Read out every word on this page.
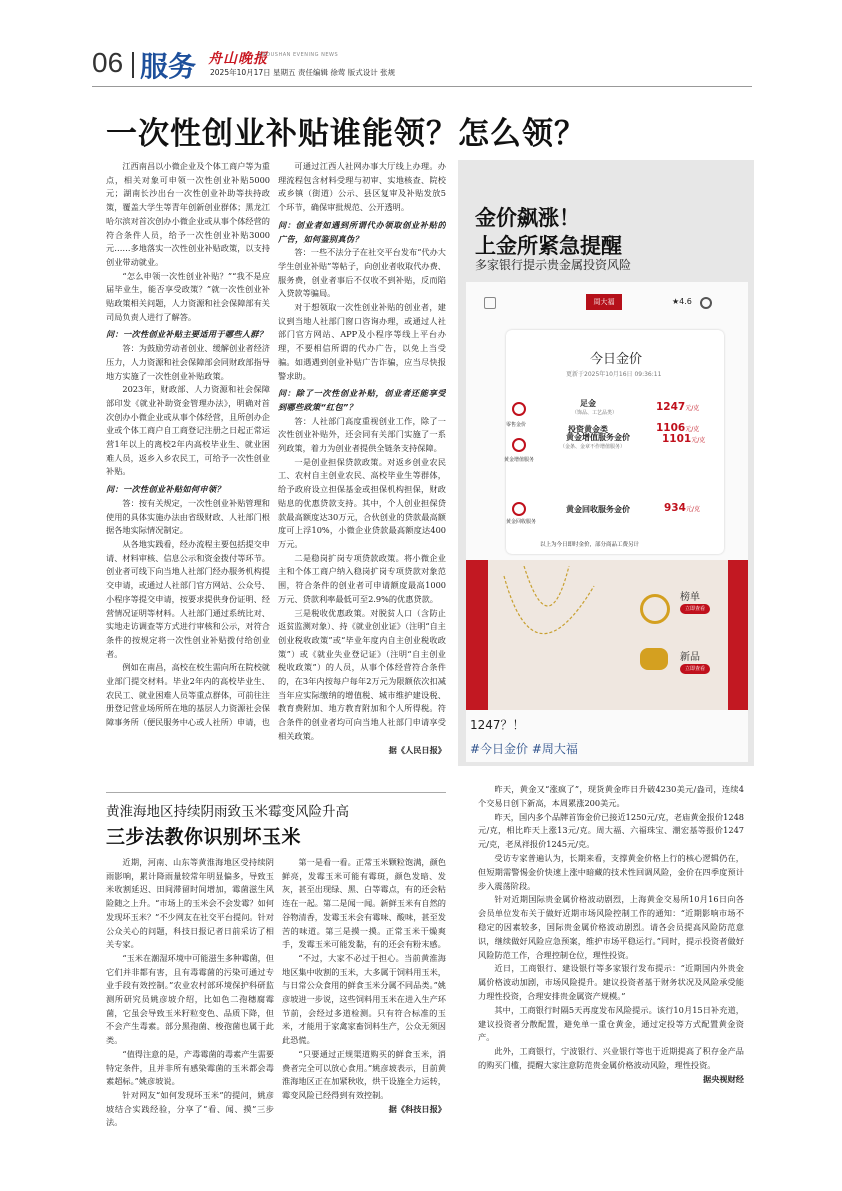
06 服务 舟山晚报
ZHOUSHAN EVENING NEWS
2025年10月17日 星期五 责任编辑 徐莺 版式设计 张规
一次性创业补贴谁能领？怎么领？

江西南昌以小微企业及个体工商户等为重点，相关对象可申领一次性创业补贴5000元；湖南长沙出台一次性创业补助等扶持政策，覆盖大学生等青年创新创业群体；黑龙江哈尔滨对首次创办小微企业或从事个体经营的符合条件人员，给予一次性创业补贴3000元……多地落实一次性创业补贴政策，以支持创业带动就业。

“怎么申领一次性创业补贴？”“我不是应届毕业生，能否享受政策？”就一次性创业补贴政策相关问题，人力资源和社会保障部有关司局负责人进行了解答。

问：一次性创业补贴主要适用于哪些人群？

答：为鼓励劳动者创业、缓解创业者经济压力，人力资源和社会保障部会同财政部指导地方实施了一次性创业补贴政策。

2023年，财政部、人力资源和社会保障部印发《就业补助资金管理办法》，明确对首次创办小微企业或从事个体经营，且所创办企业或个体工商户自工商登记注册之日起正常运营1年以上的离校2年内高校毕业生、就业困难人员，返乡入乡农民工，可给予一次性创业补贴。

问：一次性创业补贴如何申领？

答：按有关规定，一次性创业补贴管理和使用的具体实施办法由省级财政、人社部门根据各地实际情况制定。

从各地实践看，经办流程主要包括提交申请、材料审核、信息公示和资金拨付等环节。创业者可线下向当地人社部门经办服务机构提交申请，或通过人社部门官方网站、公众号、小程序等提交申请，按要求提供身份证明、经营情况证明等材料。人社部门通过系统比对、实地走访调查等方式进行审核和公示，对符合条件的按规定将一次性创业补贴拨付给创业者。

例如在南昌，高校在校生需向所在院校就业部门提交材料。毕业2年内的高校毕业生、农民工、就业困难人员等重点群体，可前往注册登记营业场所所在地的基层人力资源社会保障事务所（便民服务中心或人社所）申请，也

可通过江西人社网办事大厅线上办理。办理流程包含材料受理与初审、实地核查、院校或乡镇（街道）公示、县区复审及补贴发放5个环节，确保审批规范、公开透明。

问：创业者如遇到所谓代办领取创业补贴的广告，如何鉴别真伪？

答：一些不法分子在社交平台发布“代办大学生创业补贴”等帖子，向创业者收取代办费、服务费，创业者事后不仅收不到补贴，反而陷入贷款等骗局。

对于想领取一次性创业补贴的创业者，建议到当地人社部门窗口咨询办理，或通过人社部门官方网站、APP及小程序等线上平台办理，不要相信所谓的代办广告，以免上当受骗。如遇遇到创业补贴广告诈骗，应当尽快报警求助。

问：除了一次性创业补贴，创业者还能享受到哪些政策“红包”？

答：人社部门高度重视创业工作，除了一次性创业补贴外，还会同有关部门实施了一系列政策，着力为创业者提供全链条支持保障。

一是创业担保贷款政策。对返乡创业农民工、农村自主创业农民、高校毕业生等群体，给予政府设立担保基金或担保机构担保，财政贴息的优惠贷款支持。其中，个人创业担保贷款最高额度达30万元，合伙创业的贷款最高额度可上浮10%，小微企业贷款最高额度达400万元。

二是稳岗扩岗专项贷款政策。将小微企业主和个体工商户纳入稳岗扩岗专项贷款对象范围，符合条件的创业者可申请额度最高1000万元、贷款利率最低可至2.9%的优惠贷款。

三是税收优惠政策。对脱贫人口（含防止返贫监测对象）、持《就业创业证》（注明“自主创业税收政策”或“毕业年度内自主创业税收政策”）或《就业失业登记证》（注明“自主创业税收政策”）的人员，从事个体经营符合条件的，在3年内按每户每年2万元为限额依次扣减当年应实际缴纳的增值税、城市维护建设税、教育费附加、地方教育附加和个人所得税。符合条件的创业者均可向当地人社部门申请享受相关政策。

据《人民日报》

金价飙涨！
上金所紧急提醒
多家银行提示贵金属投资风险
周大福	★4.6
今日金价
更新于2025年10月16日 09:36:11
零售金价
足金
（饰品、工艺品类）	1247元/克
投资黄金类	1106元/克
黄金增值服务
黄金增值服务金价
（金条、金章不作增值服务）
1101元/克
黄金回收服务
黄金回收服务金价	934元/克
以上为今日即时金价，部分商品工费另计
榜单
立即查看
新品
立即查看
1247？！
#今日金价 #周大福

昨天，黄金又“涨疯了”，现货黄金昨日升破4230美元/盎司，连续4个交易日创下新高，本周累涨200美元。

昨天，国内多个品牌首饰金价已接近1250元/克，老庙黄金报价1248元/克，相比昨天上涨13元/克。周大福、六福珠宝、潮宏基等报价1247元/克，老凤祥报价1245元/克。

受访专家普遍认为，长期来看，支撑黄金价格上行的核心逻辑仍在，但短期需警惕金价快速上涨中暗藏的技术性回调风险，金价在四季度预计步入震荡阶段。

针对近期国际贵金属价格波动剧烈，上海黄金交易所10月16日向各会员单位发布关于做好近期市场风险控制工作的通知：“近期影响市场不稳定的因素较多，国际贵金属价格波动剧烈。请各会员提高风险防范意识，继续做好风险应急预案，维护市场平稳运行。”同时，提示投资者做好风险防范工作，合理控制仓位，理性投资。

近日，工商银行、建设银行等多家银行发布提示：“近期国内外贵金属价格波动加剧，市场风险提升。建议投资者基于财务状况及风险承受能力理性投资，合理安排贵金属资产规模。”

其中，工商银行时隔5天再度发布风险提示。该行10月15日补充道，建议投资者分散配置，避免单一重仓黄金，通过定投等方式配置黄金资产。

此外，工商银行，宁波银行、兴业银行等也于近期提高了积存金产品的购买门槛，提醒大家注意防范贵金属价格波动风险，理性投资。

据央视财经

黄淮海地区持续阴雨致玉米霉变风险升高
三步法教你识别坏玉米

近期，河南、山东等黄淮海地区受持续阴雨影响，累计降雨量较常年明显偏多，导致玉米收割延迟、田间滞留时间增加，霉菌滋生风险随之上升。“市场上的玉米会不会发霉？如何发现坏玉米？”不少网友在社交平台提问。针对公众关心的问题，科技日报记者日前采访了相关专家。

“玉米在潮湿环境中可能滋生多种霉菌，但它们并非都有害，且有毒霉菌的污染可通过专业手段有效控制。”农业农村部环境保护科研监测所研究员姚彦坡介绍，比如色二孢穗腐霉菌，它虽会导致玉米籽粒变色、品质下降，但不会产生毒素。部分黑孢菌、梭孢菌也属于此类。

“值得注意的是，产毒霉菌的毒素产生需要特定条件，且并非所有感染霉菌的玉米都会毒素超标。”姚彦坡说。

针对网友“如何发现坏玉米”的提问，姚彦坡结合实践经验，分享了“看、闻、摸”三步法。

第一是看一看。正常玉米颗粒饱满，颜色鲜亮，发霉玉米可能有霉斑，颜色发暗、发灰，甚至出现绿、黑、白等霉点，有的还会粘连在一起。第二是闻一闻。新鲜玉米有自然的谷物清香，发霉玉米会有霉味、酸味，甚至发苦的味道。第三是摸一摸。正常玉米干燥爽手，发霉玉米可能发黏，有的还会有粉末感。

“不过，大家不必过于担心。当前黄淮海地区集中收割的玉米，大多属于饲料用玉米，与日常公众食用的鲜食玉米分属不同品类。”姚彦坡进一步说，这些饲料用玉米在进入生产环节前，会经过多道检测。只有符合标准的玉米，才能用于家禽家畜饲料生产，公众无须因此恐慌。

“只要通过正规渠道购买的鲜食玉米，消费者完全可以放心食用。”姚彦坡表示，目前黄淮海地区正在加紧秋收，烘干设施全力运转，霉变风险已经得到有效控制。

据《科技日报》
